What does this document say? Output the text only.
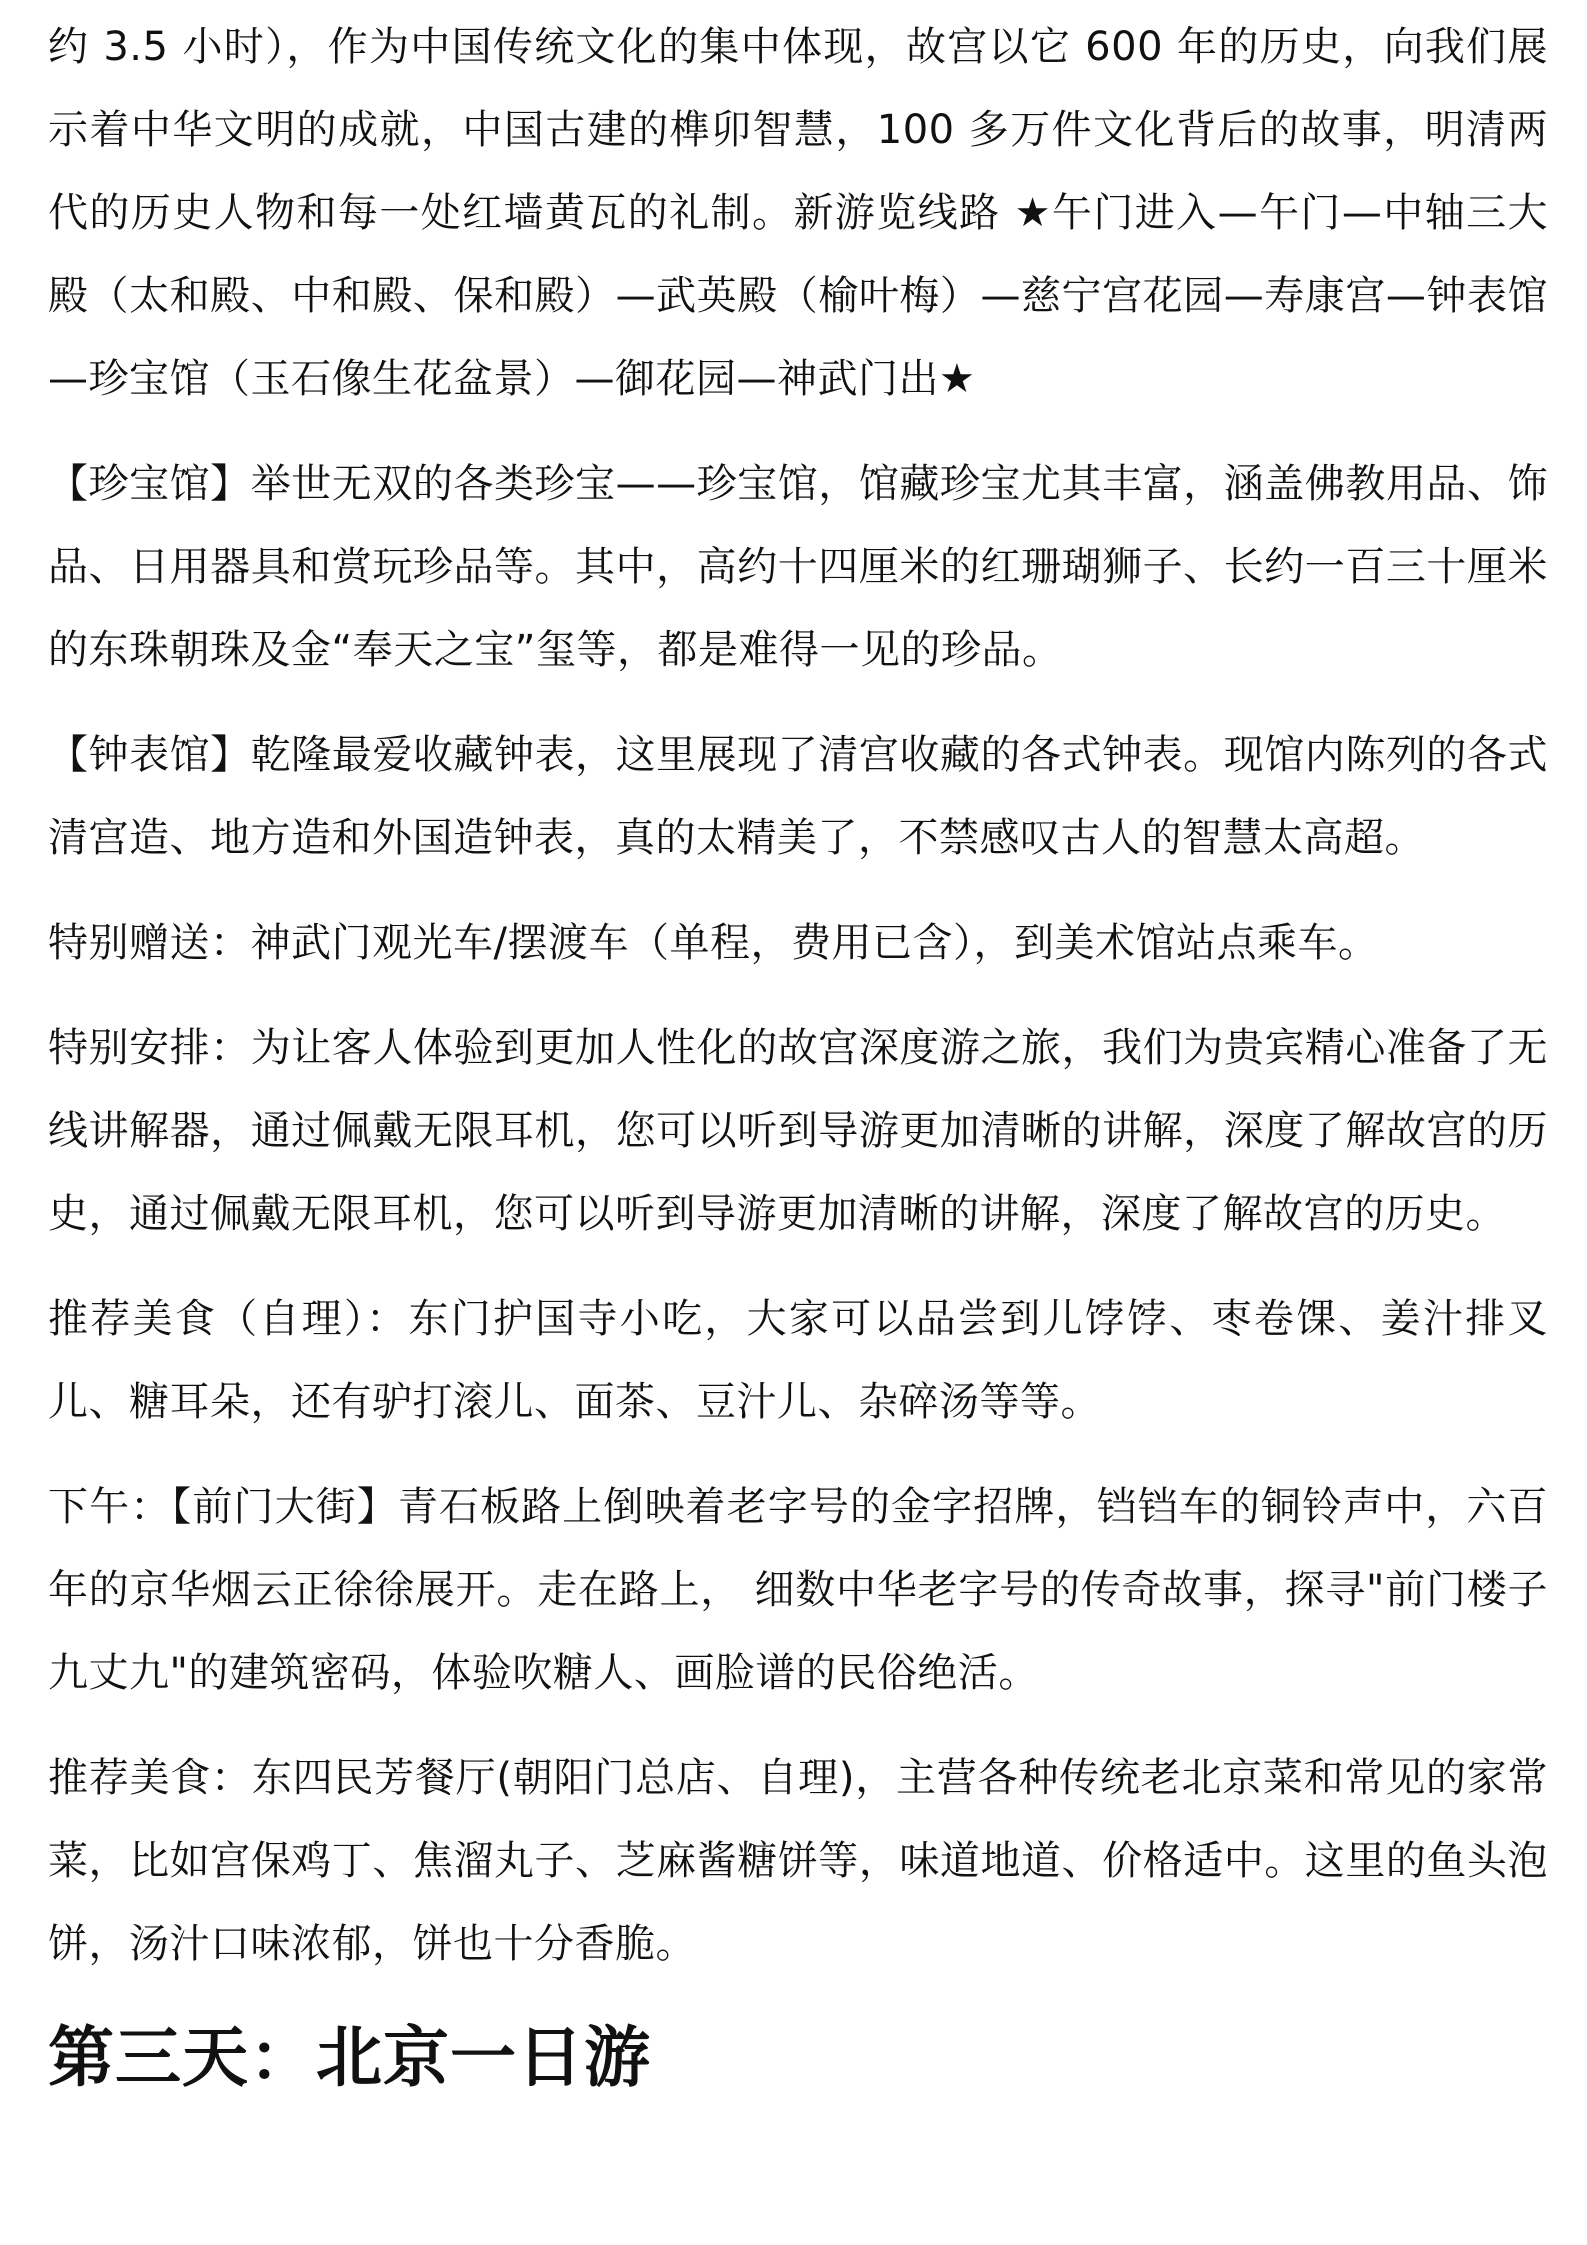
约 3.5 小时），作为中国传统文化的集中体现，故宫以它 600 年的历史，向我们展示着中华文明的成就，中国古建的榫卯智慧，100 多万件文化背后的故事，明清两代的历史人物和每一处红墙黄瓦的礼制。新游览线路 ★午门进入—午门—中轴三大殿（太和殿、中和殿、保和殿）—武英殿（榆叶梅）—慈宁宫花园—寿康宫—钟表馆—珍宝馆（玉石像生花盆景）—御花园—神武门出★

【珍宝馆】举世无双的各类珍宝——珍宝馆，馆藏珍宝尤其丰富，涵盖佛教用品、饰品、日用器具和赏玩珍品等。其中，高约十四厘米的红珊瑚狮子、长约一百三十厘米的东珠朝珠及金“奉天之宝”玺等，都是难得一见的珍品。

【钟表馆】乾隆最爱收藏钟表，这里展现了清宫收藏的各式钟表。现馆内陈列的各式清宫造、地方造和外国造钟表，真的太精美了，不禁感叹古人的智慧太高超。

特别赠送：神武门观光车/摆渡车（单程，费用已含），到美术馆站点乘车。

特别安排：为让客人体验到更加人性化的故宫深度游之旅，我们为贵宾精心准备了无线讲解器，通过佩戴无限耳机，您可以听到导游更加清晰的讲解，深度了解故宫的历史，通过佩戴无限耳机，您可以听到导游更加清晰的讲解，深度了解故宫的历史。

推荐美食（自理）：东门护国寺小吃，大家可以品尝到儿饽饽、枣卷馃、姜汁排叉儿、糖耳朵，还有驴打滚儿、面茶、豆汁儿、杂碎汤等等。

下午：【前门大街】青石板路上倒映着老字号的金字招牌，铛铛车的铜铃声中，六百年的京华烟云正徐徐展开。走在路上， 细数中华老字号的传奇故事，探寻"前门楼子九丈九"的建筑密码，体验吹糖人、画脸谱的民俗绝活。

推荐美食：东四民芳餐厅(朝阳门总店、自理)，主营各种传统老北京菜和常见的家常菜，比如宫保鸡丁、焦溜丸子、芝麻酱糖饼等，味道地道、价格适中。这里的鱼头泡饼，汤汁口味浓郁，饼也十分香脆。

第三天：北京一日游
